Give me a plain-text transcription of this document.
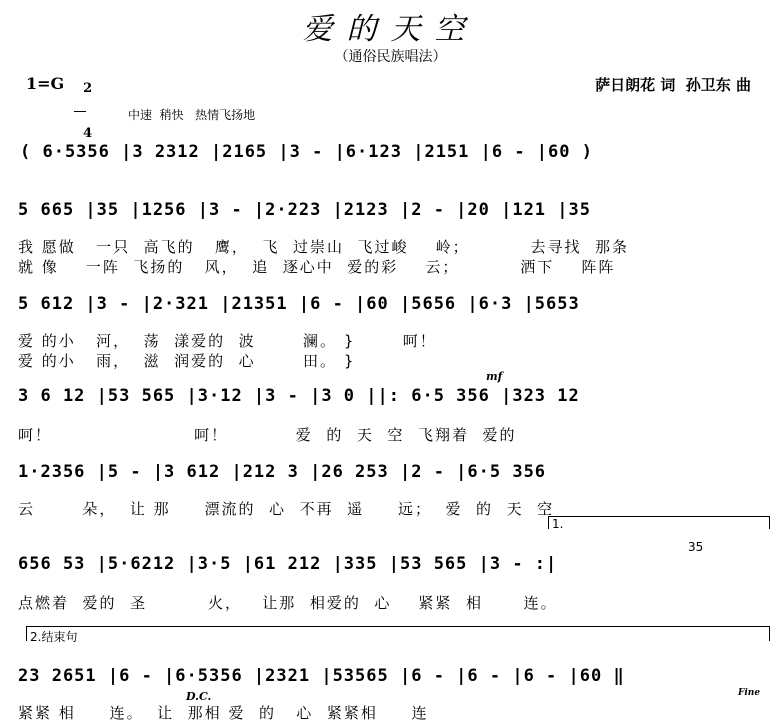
爱的天空
（通俗民族唱法）
1=G	2

4

萨日朗花 词  孙卫东 曲
中速  稍快   热情飞扬地
( 6·5356 |3 2312 |2165 |3 - |6·123 |2151 |6 - |60 )
5 665 |35 |1256 |3 - |2·223 |2123 |2 - |20 |121 |35
我 愿做   一只  高飞的   鹰，  飞  过崇山  飞过峻    岭；         去寻找  那条
就 像    一阵  飞扬的   风，  追  逐心中  爱的彩    云；         洒下    阵阵
5 612 |3 - |2·321 |21351 |6 - |60 |5656 |6·3 |5653
爱 的小   河，  荡  漾爱的  波       澜。 }       呵！
爱 的小   雨，  滋  润爱的  心       田。 }
mf
3 6 12 |53 565 |3·12 |3 - |3 0 ||: 6·5 356 |323 12
呵！                     呵！          爱  的  天  空  飞翔着  爱的
1·2356 |5 - |3 612 |212 3 |26 253 |2 - |6·5 356
云       朵，  让 那     漂流的  心  不再  遥     远；  爱  的  天  空
1.
35
656 53 |5·6212 |3·5 |61 212 |335 |53 565 |3 - :|
点燃着  爱的  圣         火，   让那  相爱的  心    紧紧  相      连。
2.结束句
23 2651 |6 - |6·5356 |2321 |53565 |6 - |6 - |6 - |60 ‖
D.C.	Fine
紧紧 相     连。  让  那相 爱  的   心  紧紧相     连
